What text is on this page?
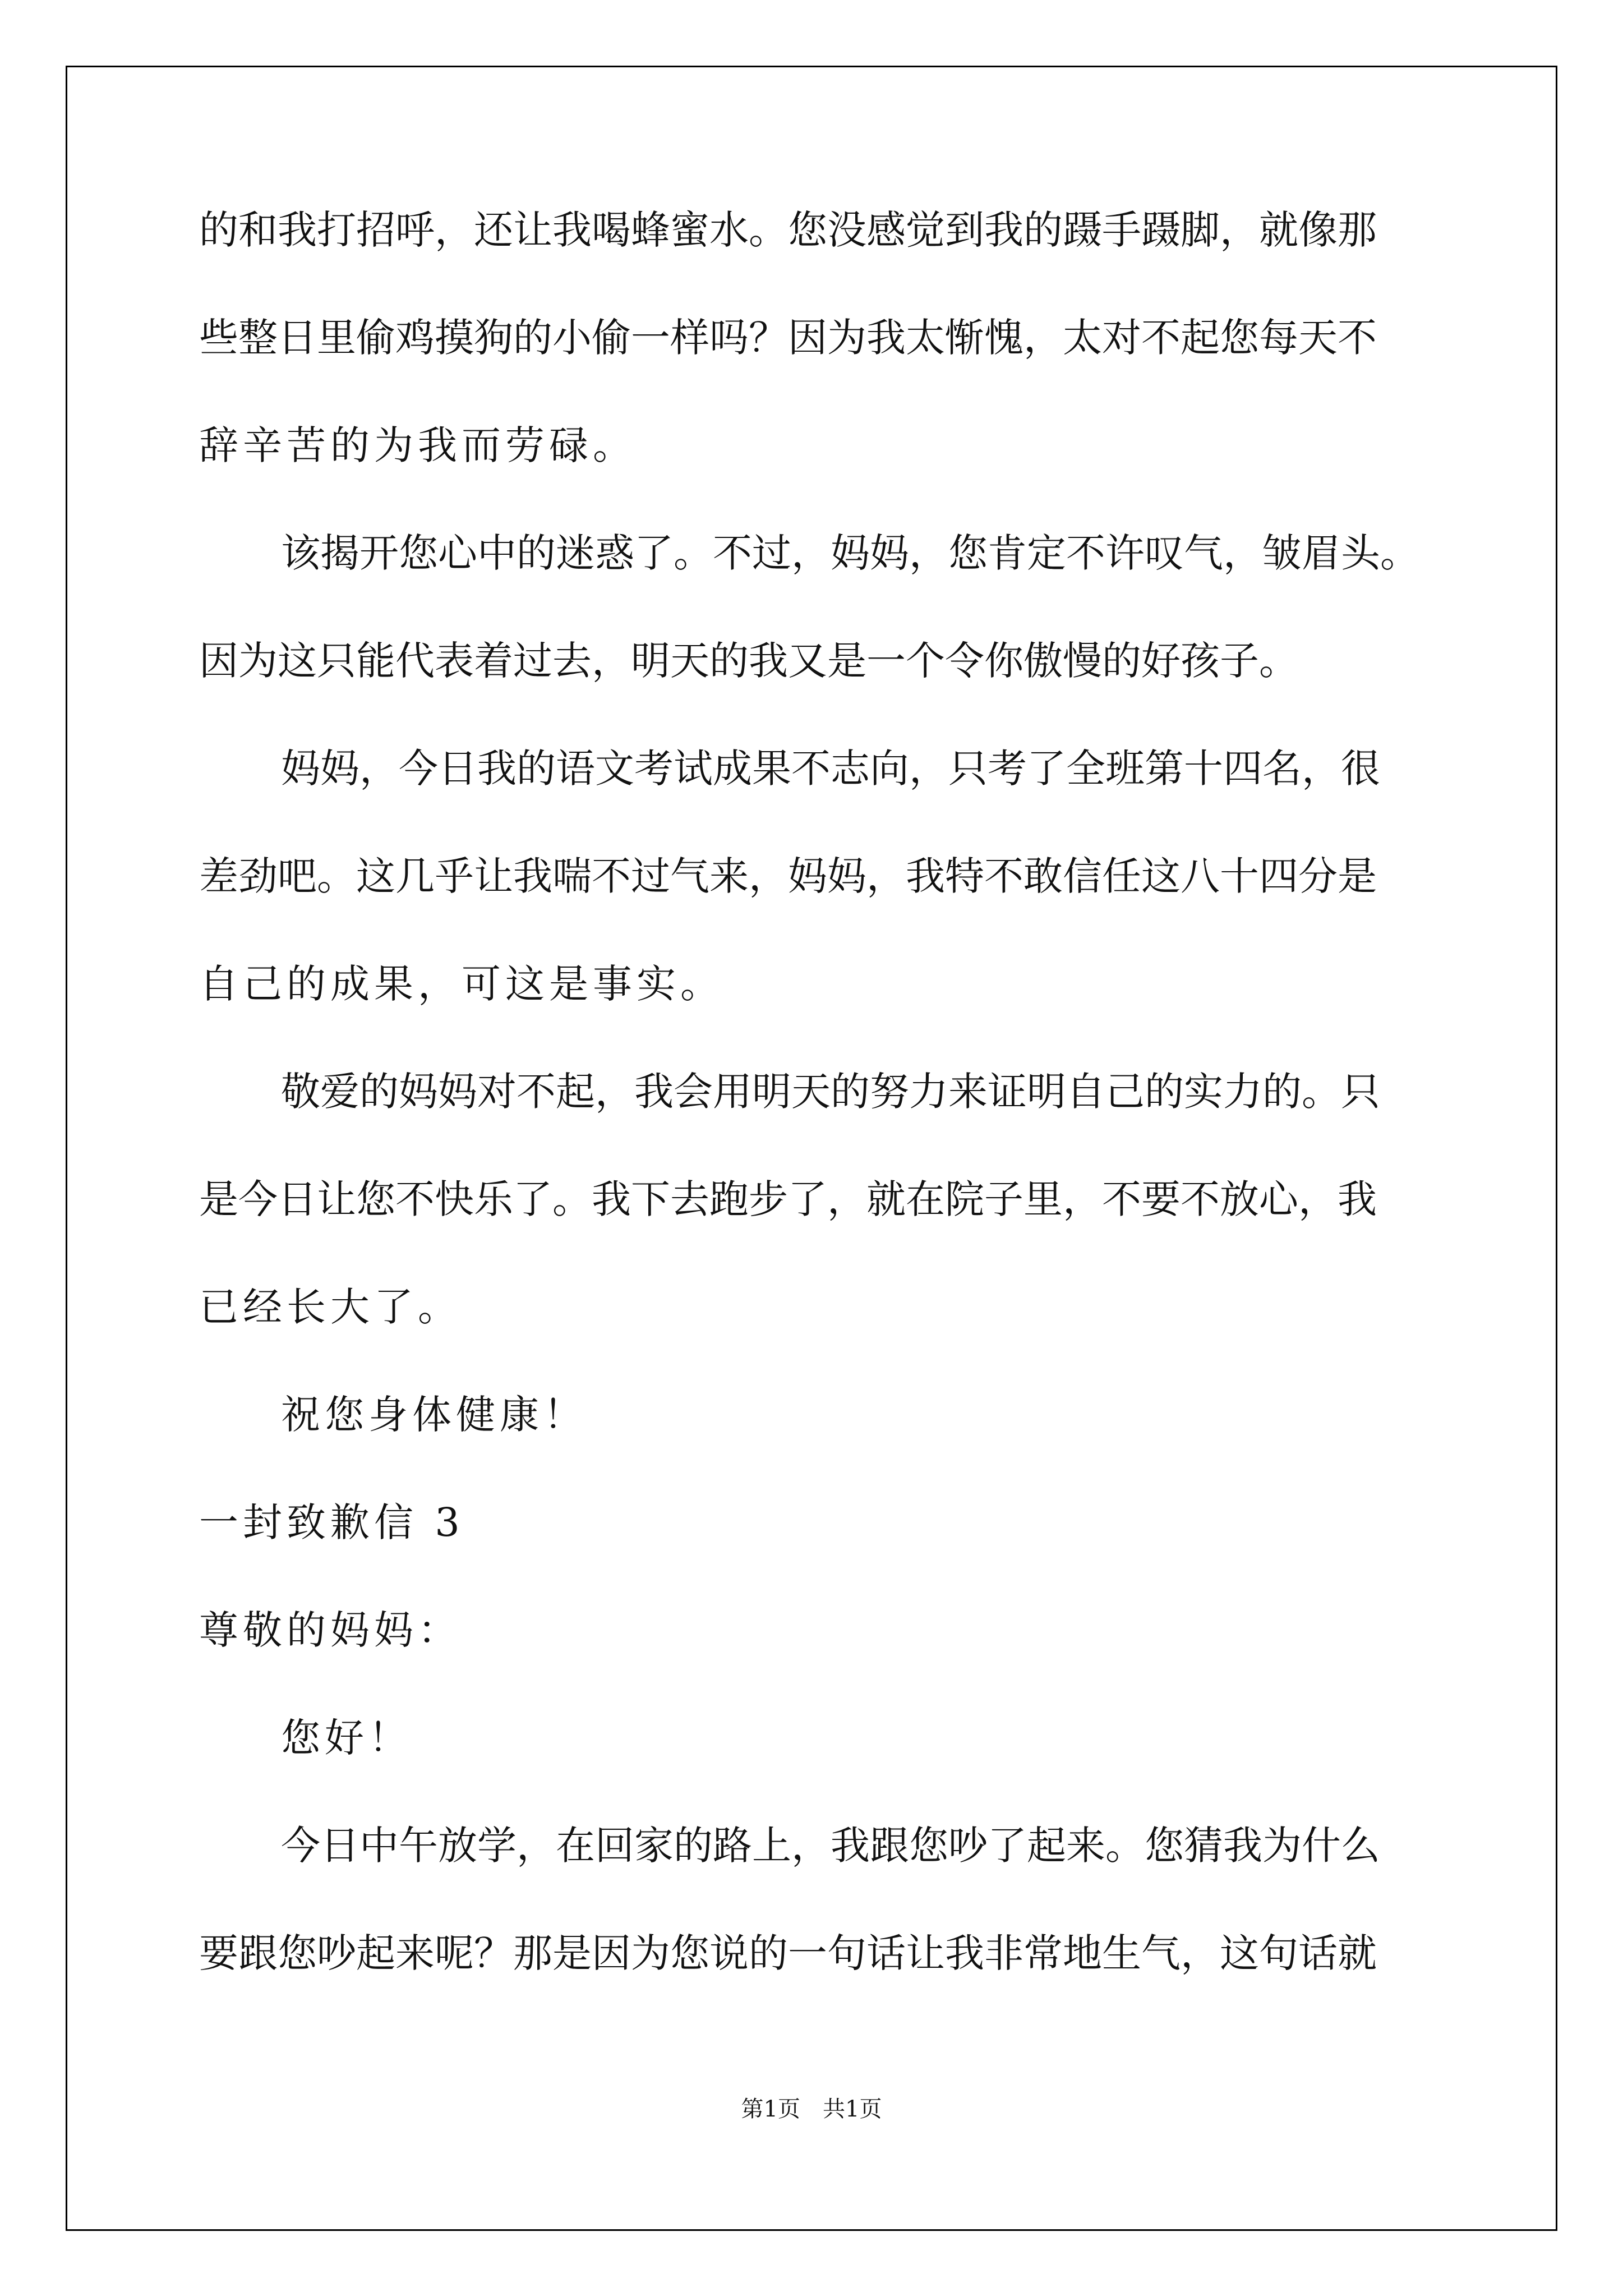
的和我打招呼，还让我喝蜂蜜水。您没感觉到我的蹑手蹑脚，就像那
些整日里偷鸡摸狗的小偷一样吗？因为我太惭愧，太对不起您每天不
辞辛苦的为我而劳碌。
该揭开您心中的迷惑了。不过，妈妈，您肯定不许叹气，皱眉头。
因为这只能代表着过去，明天的我又是一个令你傲慢的好孩子。
妈妈，今日我的语文考试成果不志向，只考了全班第十四名，很
差劲吧。这几乎让我喘不过气来，妈妈，我特不敢信任这八十四分是
自己的成果，可这是事实。
敬爱的妈妈对不起，我会用明天的努力来证明自己的实力的。只
是今日让您不快乐了。我下去跑步了，就在院子里，不要不放心，我
已经长大了。
祝您身体健康！
一封致歉信 3
尊敬的妈妈：
您好！
今日中午放学，在回家的路上，我跟您吵了起来。您猜我为什么
要跟您吵起来呢？那是因为您说的一句话让我非常地生气，这句话就
第1页　共1页
